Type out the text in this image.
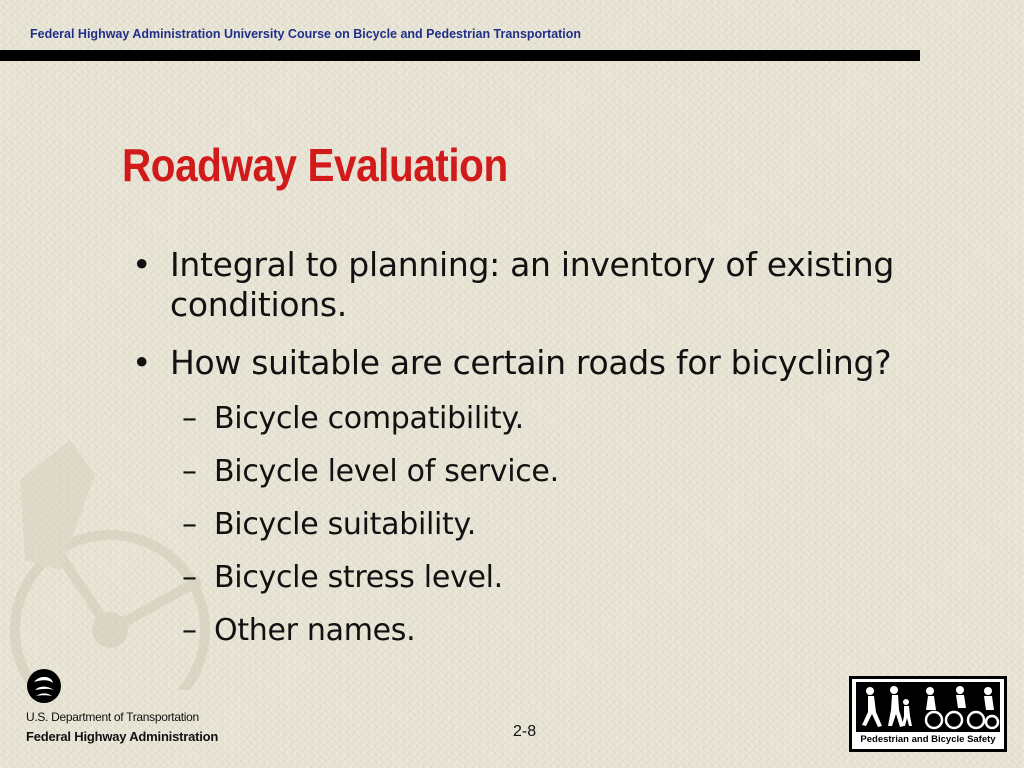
Federal Highway Administration University Course on Bicycle and Pedestrian Transportation
Roadway Evaluation
• Integral to planning: an inventory of existing conditions.
• How suitable are certain roads for bicycling?
– Bicycle compatibility.
– Bicycle level of service.
– Bicycle suitability.
– Bicycle stress level.
– Other names.
U.S. Department of Transportation
Federal Highway Administration	2-8	Pedestrian and Bicycle Safety
